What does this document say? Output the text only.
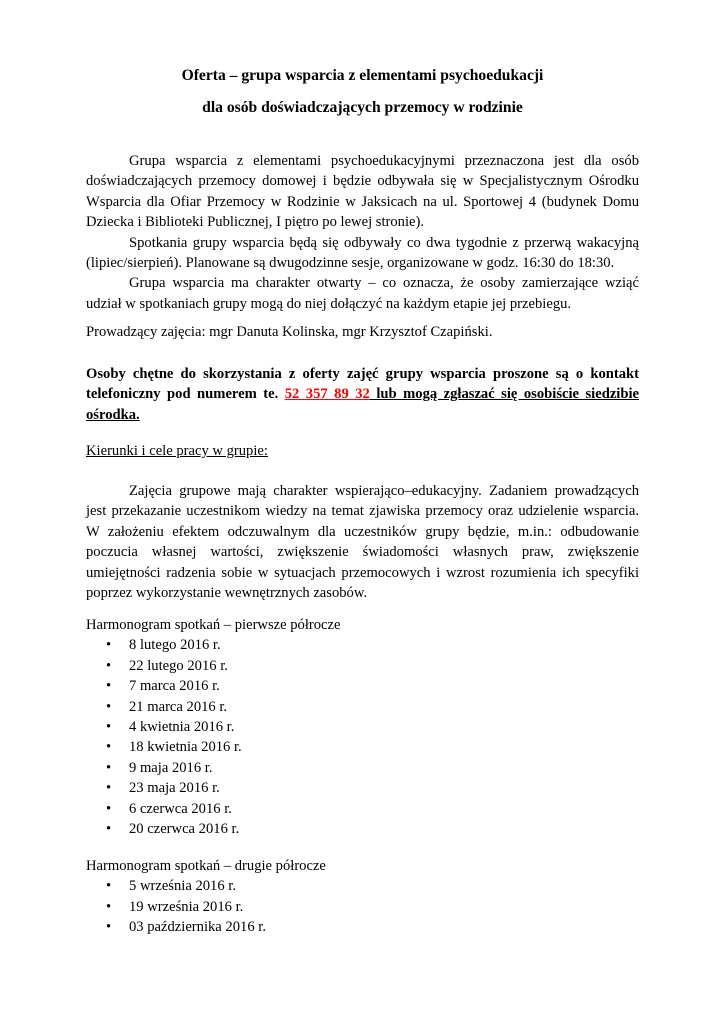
Oferta – grupa wsparcia z elementami psychoedukacji

dla osób doświadczających przemocy w rodzinie

Grupa wsparcia z elementami psychoedukacyjnymi przeznaczona jest dla osób doświadczających przemocy domowej i będzie odbywała się w Specjalistycznym Ośrodku Wsparcia dla Ofiar Przemocy w Rodzinie w Jaksicach na ul. Sportowej 4 (budynek Domu Dziecka i Biblioteki Publicznej, I piętro po lewej stronie).

Spotkania grupy wsparcia będą się odbywały co dwa tygodnie z przerwą wakacyjną (lipiec/sierpień). Planowane są dwugodzinne sesje, organizowane w godz. 16:30 do 18:30.

Grupa wsparcia ma charakter otwarty – co oznacza, że osoby zamierzające wziąć udział w spotkaniach grupy mogą do niej dołączyć na każdym etapie jej przebiegu.

Prowadzący zajęcia: mgr Danuta Kolinska, mgr Krzysztof Czapiński.

Osoby chętne do skorzystania z oferty zajęć grupy wsparcia proszone są o kontakt telefoniczny pod numerem te. 52 357 89 32 lub mogą zgłaszać się osobiście siedzibie ośrodka.

Kierunki i cele pracy w grupie:

Zajęcia grupowe mają charakter wspierająco–edukacyjny. Zadaniem prowadzących jest przekazanie uczestnikom wiedzy na temat zjawiska przemocy oraz udzielenie wsparcia. W założeniu efektem odczuwalnym dla uczestników grupy będzie, m.in.: odbudowanie poczucia własnej wartości, zwiększenie świadomości własnych praw, zwiększenie umiejętności radzenia sobie w sytuacjach przemocowych i wzrost rozumienia ich specyfiki poprzez wykorzystanie wewnętrznych zasobów.

Harmonogram spotkań – pierwsze półrocze

• 8 lutego 2016 r.
• 22 lutego 2016 r.
• 7 marca 2016 r.
• 21 marca 2016 r.
• 4 kwietnia 2016 r.
• 18 kwietnia 2016 r.
• 9 maja 2016 r.
• 23 maja 2016 r.
• 6 czerwca 2016 r.
• 20 czerwca 2016 r.

Harmonogram spotkań – drugie półrocze

• 5 września 2016 r.
• 19 września 2016 r.
• 03 października 2016 r.
